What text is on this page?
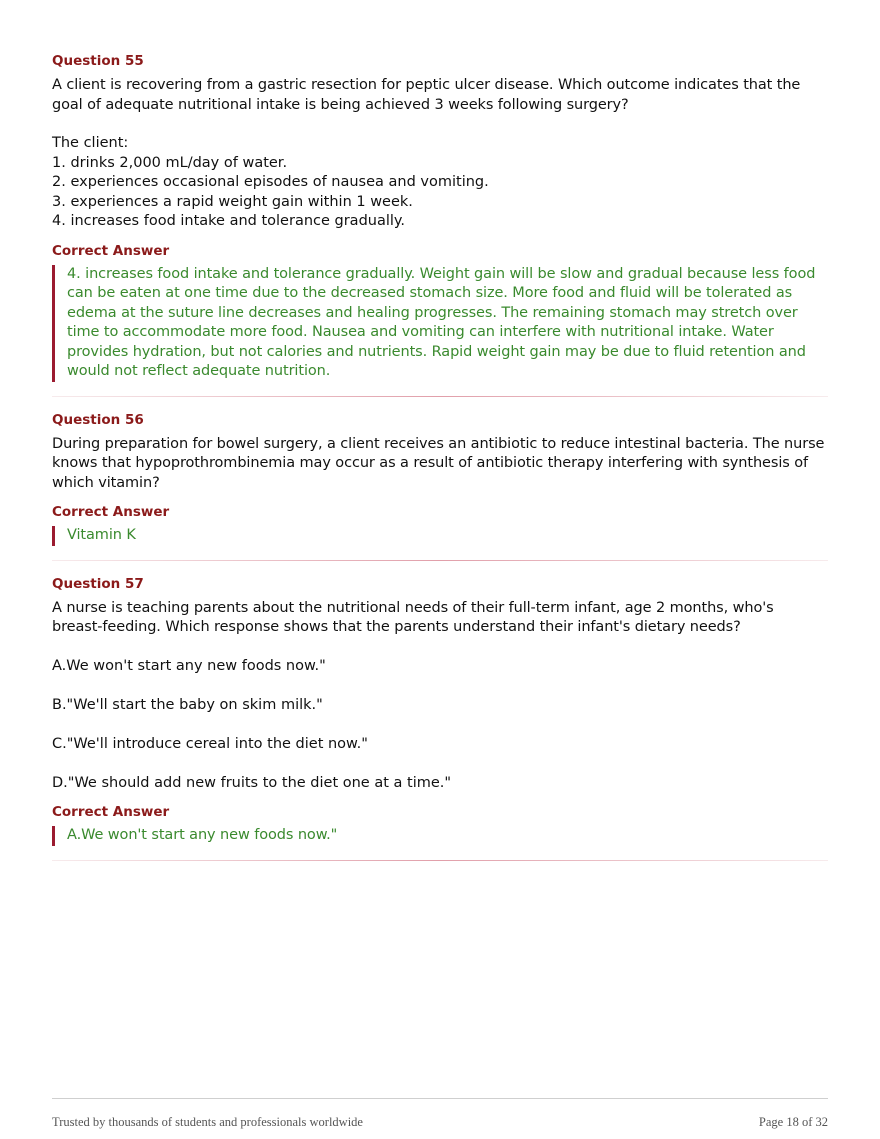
Question 55

A client is recovering from a gastric resection for peptic ulcer disease. Which outcome indicates that the goal of adequate nutritional intake is being achieved 3 weeks following surgery?

The client:
1. drinks 2,000 mL/day of water.
2. experiences occasional episodes of nausea and vomiting.
3. experiences a rapid weight gain within 1 week.
4. increases food intake and tolerance gradually.
Correct Answer
4. increases food intake and tolerance gradually. Weight gain will be slow and gradual because less food can be eaten at one time due to the decreased stomach size. More food and fluid will be tolerated as edema at the suture line decreases and healing progresses. The remaining stomach may stretch over time to accommodate more food. Nausea and vomiting can interfere with nutritional intake. Water provides hydration, but not calories and nutrients. Rapid weight gain may be due to fluid retention and would not reflect adequate nutrition.
Question 56

During preparation for bowel surgery, a client receives an antibiotic to reduce intestinal bacteria. The nurse knows that hypoprothrombinemia may occur as a result of antibiotic therapy interfering with synthesis of which vitamin?

Correct Answer
Vitamin K
Question 57

A nurse is teaching parents about the nutritional needs of their full-term infant, age 2 months, who's breast-feeding. Which response shows that the parents understand their infant's dietary needs?

A.We won't start any new foods now."
B."We'll start the baby on skim milk."
C."We'll introduce cereal into the diet now."
D."We should add new fruits to the diet one at a time."
Correct Answer
A.We won't start any new foods now."
Trusted by thousands of students and professionals worldwide	Page 18 of 32
